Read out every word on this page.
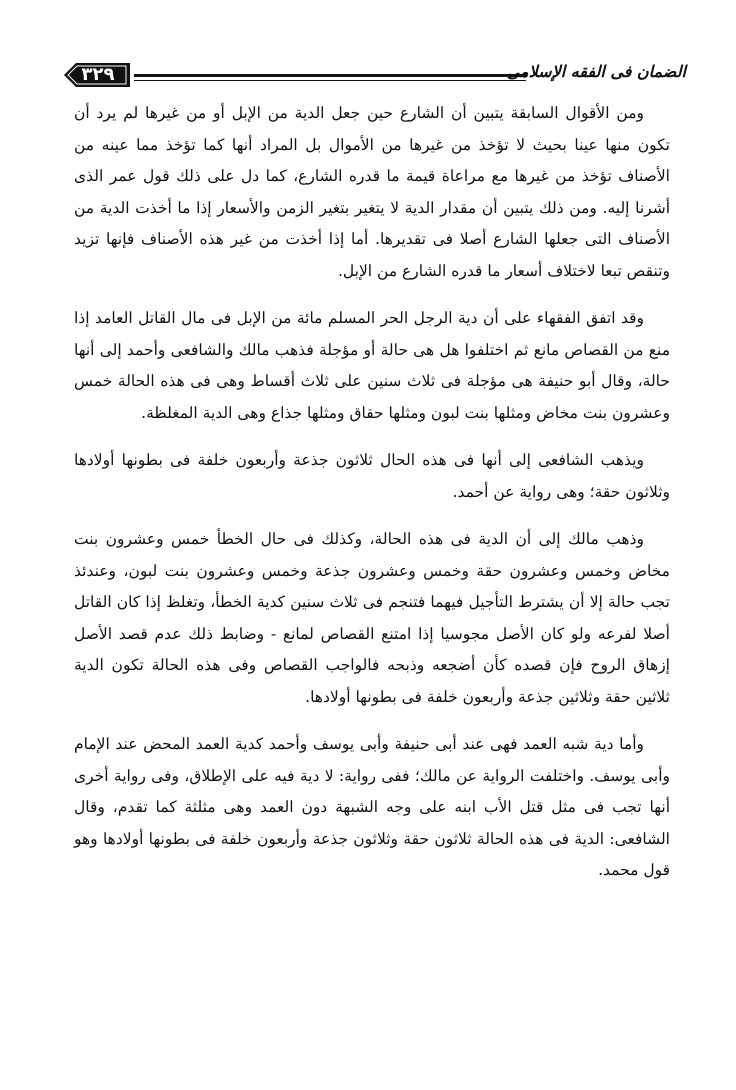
٣٢٩	الضمان فى الفقه الإسلامى

ومن الأقوال السابقة يتبين أن الشارع حين جعل الدية من الإبل أو من غيرها لم يرد أن تكون منها عينا بحيث لا تؤخذ من غيرها من الأموال بل المراد أنها كما تؤخذ مما عينه من الأصناف تؤخذ من غيرها مع مراعاة قيمة ما قدره الشارع، كما دل على ذلك قول عمر الذى أشرنا إليه. ومن ذلك يتبين أن مقدار الدية لا يتغير بتغير الزمن والأسعار إذا ما أخذت الدية من الأصناف التى جعلها الشارع أصلا فى تقديرها. أما إذا أخذت من غير هذه الأصناف فإنها تزيد وتنقص تبعا لاختلاف أسعار ما قدره الشارع من الإبل.

وقد اتفق الفقهاء على أن دية الرجل الحر المسلم مائة من الإبل فى مال القاتل العامد إذا منع من القصاص مانع ثم اختلفوا هل هى حالة أو مؤجلة فذهب مالك والشافعى وأحمد إلى أنها حالة، وقال أبو حنيفة هى مؤجلة فى ثلاث سنين على ثلاث أقساط وهى فى هذه الحالة خمس وعشرون بنت مخاض ومثلها بنت لبون ومثلها حقاق ومثلها جذاع وهى الدية المغلظة.

ويذهب الشافعى إلى أنها فى هذه الحال ثلاثون جذعة وأربعون خلفة فى بطونها أولادها وثلاثون حقة؛ وهى رواية عن أحمد.

وذهب مالك إلى أن الدية فى هذه الحالة، وكذلك فى حال الخطأ خمس وعشرون بنت مخاض وخمس وعشرون حقة وخمس وعشرون جذعة وخمس وعشرون بنت لبون، وعندئذ تجب حالة إلا أن يشترط التأجيل فيهما فتنجم فى ثلاث سنين كدية الخطأ، وتغلظ إذا كان القاتل أصلا لفرعه ولو كان الأصل مجوسيا إذا امتنع القصاص لمانع - وضابط ذلك عدم قصد الأصل إزهاق الروح فإن قصده كأن أضجعه وذبحه فالواجب القصاص وفى هذه الحالة تكون الدية ثلاثين حقة وثلاثين جذعة وأربعون خلفة فى بطونها أولادها.

وأما دية شبه العمد فهى عند أبى حنيفة وأبى يوسف وأحمد كدية العمد المحض عند الإمام وأبى يوسف. واختلفت الرواية عن مالك؛ ففى رواية: لا دية فيه على الإطلاق، وفى رواية أخرى أنها تجب فى مثل قتل الأب ابنه على وجه الشبهة دون العمد وهى مثلثة كما تقدم، وقال الشافعى: الدية فى هذه الحالة ثلاثون حقة وثلاثون جذعة وأربعون خلفة فى بطونها أولادها وهو قول محمد.
